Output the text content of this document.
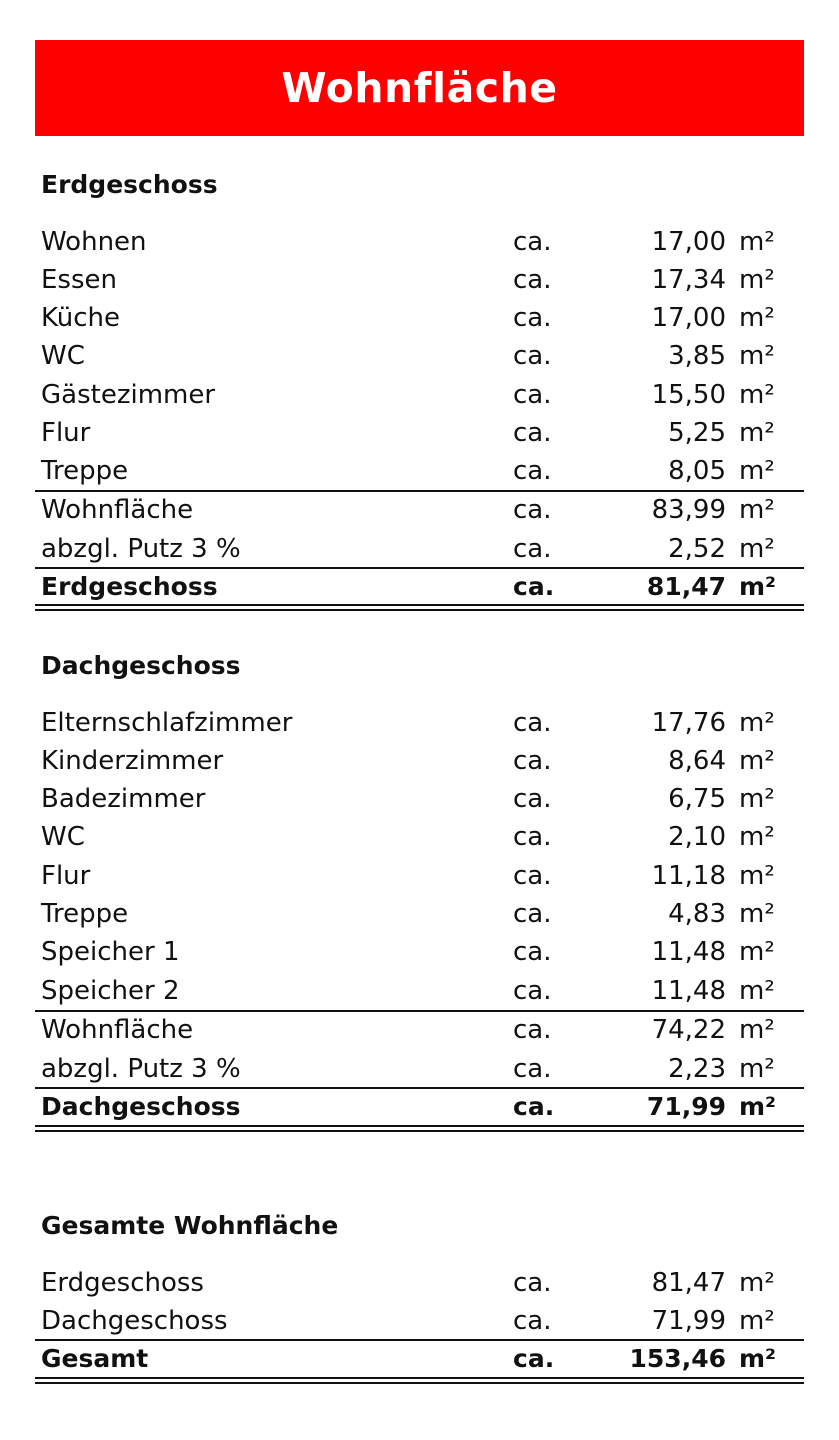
Wohnfläche
Erdgeschoss
Wohnen	ca.	17,00 m²
Essen	ca.	17,34 m²
Küche	ca.	17,00 m²
WC	ca.	3,85 m²
Gästezimmer	ca.	15,50 m²
Flur	ca.	5,25 m²
Treppe	ca.	8,05 m²
Wohnfläche	ca.	83,99 m²
abzgl. Putz 3 %	ca.	2,52 m²
Erdgeschoss	ca.	81,47 m²
Dachgeschoss
Elternschlafzimmer	ca.	17,76 m²
Kinderzimmer	ca.	8,64 m²
Badezimmer	ca.	6,75 m²
WC	ca.	2,10 m²
Flur	ca.	11,18 m²
Treppe	ca.	4,83 m²
Speicher 1	ca.	11,48 m²
Speicher 2	ca.	11,48 m²
Wohnfläche	ca.	74,22 m²
abzgl. Putz 3 %	ca.	2,23 m²
Dachgeschoss	ca.	71,99 m²
Gesamte Wohnfläche
Erdgeschoss	ca.	81,47 m²
Dachgeschoss	ca.	71,99 m²
Gesamt	ca.	153,46 m²
